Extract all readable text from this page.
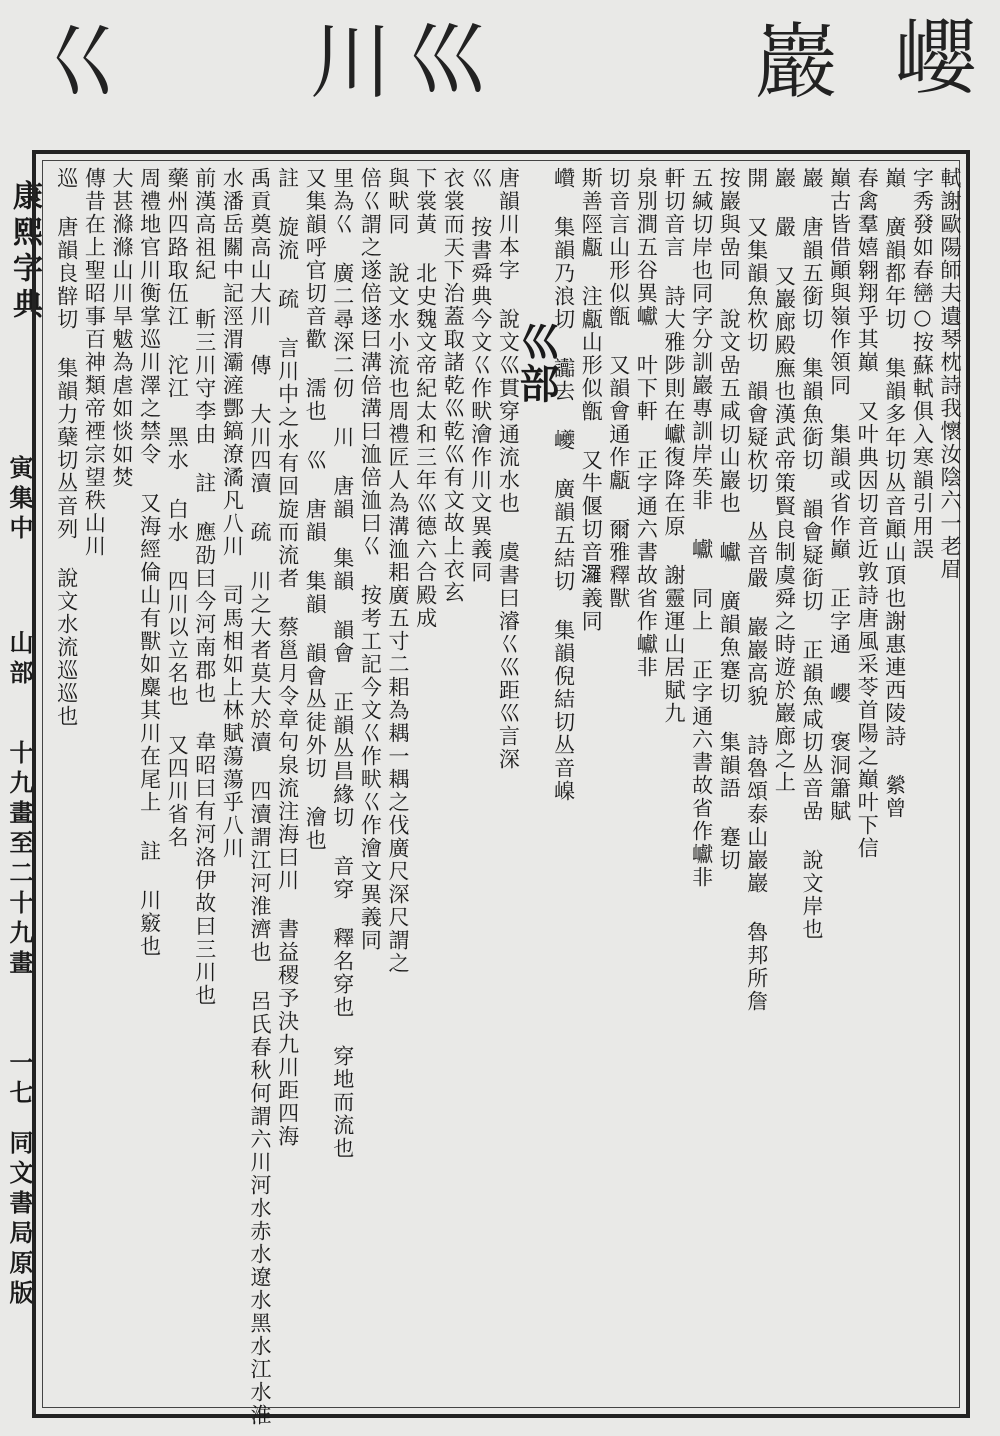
巊
巖
巛
川
巜
康熙字典
寅集中
山部
十九畫至二十九畫
一七
同文書局原版
軾謝歐陽師夫遺琴枕詩我懷汝陰六一老眉
字秀發如春巒○按蘇軾俱入寒韻引用誤
巔 廣韻都年切 集韻多年切丛音顚山頂也謝惠連西陵詩 縈曾
春禽羣嬉翱翔乎其巔 又叶典因切音近敦詩唐風采苓首陽之巔叶下信
巔古皆借顚與嶺作領同 集韻或省作巓 正字通 巊 褒洞簫賦
巖 唐韻五銜切 集韻魚衘切 韻會疑衘切 正韻魚咸切丛音嵒 說文岸也
巖 嚴 又巖廊殿廡也漢武帝策賢良制虞舜之時遊於巖廊之上
開 又集韻魚杴切 韻會疑杴切 丛音嚴 巖巖高貌 詩魯頌泰山巖巖 魯邦所詹
按巖與嵒同 說文嵒五咸切山巖也 巘 廣韻魚蹇切 集韻語 蹇切
五緘切岸也同字分訓巖專訓岸苵非 巘 同上 正字通六書故省作巘非
軒切音言 詩大雅陟則在巘復降在原 謝靈運山居賦九
泉別澗五谷異巘 叶下軒 正字通六書故省作巘非
切音言山形似甑 又韻會通作甗 爾雅釋獸
斯善陘甗 注甗山形似甑 又牛偃切音𤄷義同
巑 集韻乃浪切 讟去 巙 廣韻五結切 集韻倪結切丛音嵲
巛部
唐韻川本字 說文巛貫穿通流水也 虞書曰濬巜巛距巛言深
巛 按書舜典今文巜作畎澮作川文異義同
衣裳而天下治蓋取諸乾巛乾巛有文故上衣玄
下裳黃 北史魏文帝紀太和三年巛德六合殿成
與畎同 說文水小流也周禮匠人為溝洫耜廣五寸二耜為耦一耦之伐廣尺深尺謂之
倍巜謂之遂倍遂曰溝倍溝曰洫倍洫曰巜 按考工記今文巜作畎巜作澮文異義同
里為巜 廣二尋深二仞 川 唐韻 集韻 韻會 正韻丛昌緣切 音穿 釋名穿也 穿地而流也
又集韻呼官切音歡 濡也 巛 唐韻 集韻 韻會丛徒外切 澮也
註 旋流 疏 言川中之水有回旋而流者 蔡邕月令章句泉流注海曰川 書益稷予決九川距四海
禹貢奠高山大川 傳 大川四瀆 疏 川之大者莫大於瀆 四瀆謂江河淮濟也 呂氏春秋何謂六川河水赤水遼水黑水江水淮
水潘岳關中記涇渭灞滻酆鎬潦潏凡八川 司馬相如上林賦蕩蕩乎八川
前漢高祖紀 斬三川守李由 註 應劭曰今河南郡也 韋昭曰有河洛伊故曰三川也
藥州四路取伍江 沱江 黑水 白水 四川以立名也 又四川省名
周禮地官川衡掌巡川澤之禁令 又海經倫山有獸如麋其川在尾上 註 川竅也
大甚滌滌山川旱魃為虐如惔如焚
傳昔在上聖昭事百神類帝禋宗望秩山川
巡 唐韻良辥切 集韻力蘖切丛音列 說文水流巡巡也
